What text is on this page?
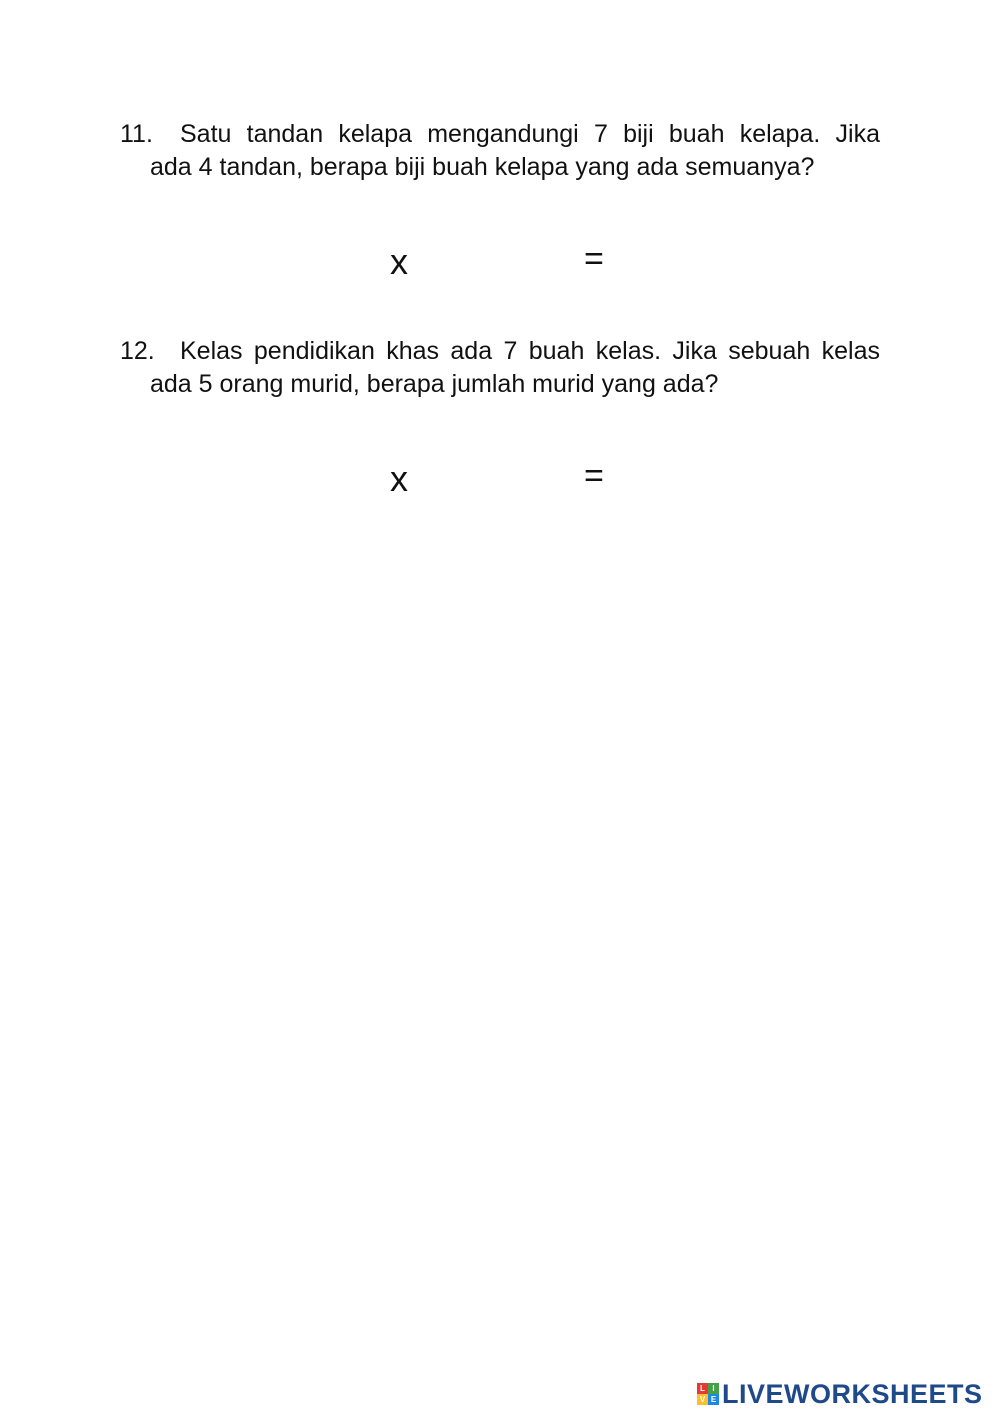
11.	Satu tandan kelapa mengandungi 7 biji buah kelapa. Jika
ada 4 tandan, berapa biji buah kelapa yang ada semuanya?
x	=
12.	Kelas pendidikan khas ada 7 buah kelas. Jika sebuah kelas
ada 5 orang murid, berapa jumlah murid yang ada?
x	=
L I
V E LIVEWORKSHEETS
